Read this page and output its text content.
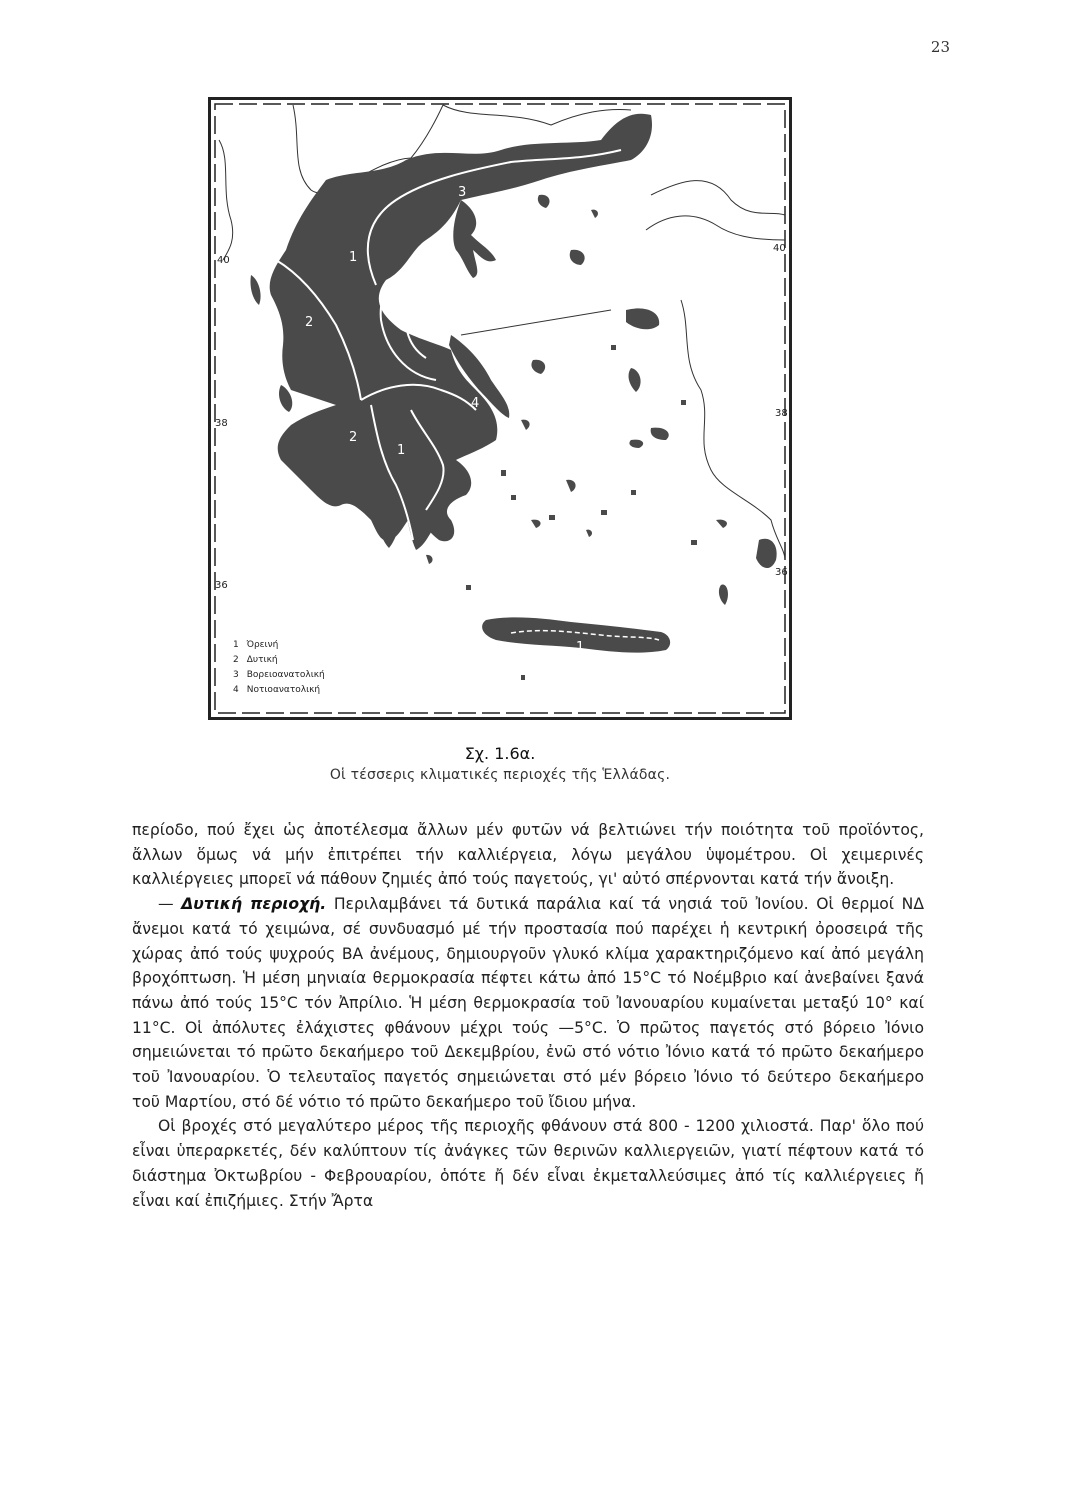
23
40
38
36
40
38
36
3
1
3
2
4
2
1
1
1 Ὀρεινή
2 Δυτική
3 Βορειοανατολική
4 Νοτιοανατολική
Σχ. 1.6α.
Οἱ τέσσερις κλιματικές περιοχές τῆς Ἑλλάδας.

περίοδο, πού ἔχει ὡς ἀποτέλεσμα ἄλλων μέν φυτῶν νά βελτιώνει τήν ποιότητα τοῦ προϊόντος, ἄλλων ὅμως νά μήν ἐπιτρέπει τήν καλλιέργεια, λόγω μεγάλου ὑψομέτρου. Οἱ χειμερινές καλλιέργειες μπορεῖ νά πάθουν ζημιές ἀπό τούς παγετούς, γι' αὐτό σπέρνονται κατά τήν ἄνοιξη.

— Δυτική περιοχή. Περιλαμβάνει τά δυτικά παράλια καί τά νησιά τοῦ Ἰονίου. Οἱ θερμοί ΝΔ ἄνεμοι κατά τό χειμώνα, σέ συνδυασμό μέ τήν προστασία πού παρέχει ἡ κεντρική ὀροσειρά τῆς χώρας ἀπό τούς ψυχρούς ΒΑ ἀνέμους, δημιουργοῦν γλυκό κλίμα χαρακτηριζόμενο καί ἀπό μεγάλη βροχόπτωση. Ἡ μέση μηνιαία θερμοκρασία πέφτει κάτω ἀπό 15°C τό Νοέμβριο καί ἀνεβαίνει ξανά πάνω ἀπό τούς 15°C τόν Ἀπρίλιο. Ἡ μέση θερμοκρασία τοῦ Ἰανουαρίου κυμαίνεται μεταξύ 10° καί 11°C. Οἱ ἀπόλυτες ἐλάχιστες φθάνουν μέχρι τούς —5°C. Ὁ πρῶτος παγετός στό βόρειο Ἰόνιο σημειώνεται τό πρῶτο δεκαήμερο τοῦ Δεκεμβρίου, ἐνῶ στό νότιο Ἰόνιο κατά τό πρῶτο δεκαήμερο τοῦ Ἰανουαρίου. Ὁ τελευταῖος παγετός σημειώνεται στό μέν βόρειο Ἰόνιο τό δεύτερο δεκαήμερο τοῦ Μαρτίου, στό δέ νότιο τό πρῶτο δεκαήμερο τοῦ ἴδιου μήνα.

Οἱ βροχές στό μεγαλύτερο μέρος τῆς περιοχῆς φθάνουν στά 800 - 1200 χιλιοστά. Παρ' ὅλο πού εἶναι ὑπεραρκετές, δέν καλύπτουν τίς ἀνάγκες τῶν θερινῶν καλλιεργειῶν, γιατί πέφτουν κατά τό διάστημα Ὀκτωβρίου - Φεβρουαρίου, ὁπότε ἤ δέν εἶναι ἐκμεταλλεύσιμες ἀπό τίς καλλιέργειες ἤ εἶναι καί ἐπιζήμιες. Στήν Ἄρτα
